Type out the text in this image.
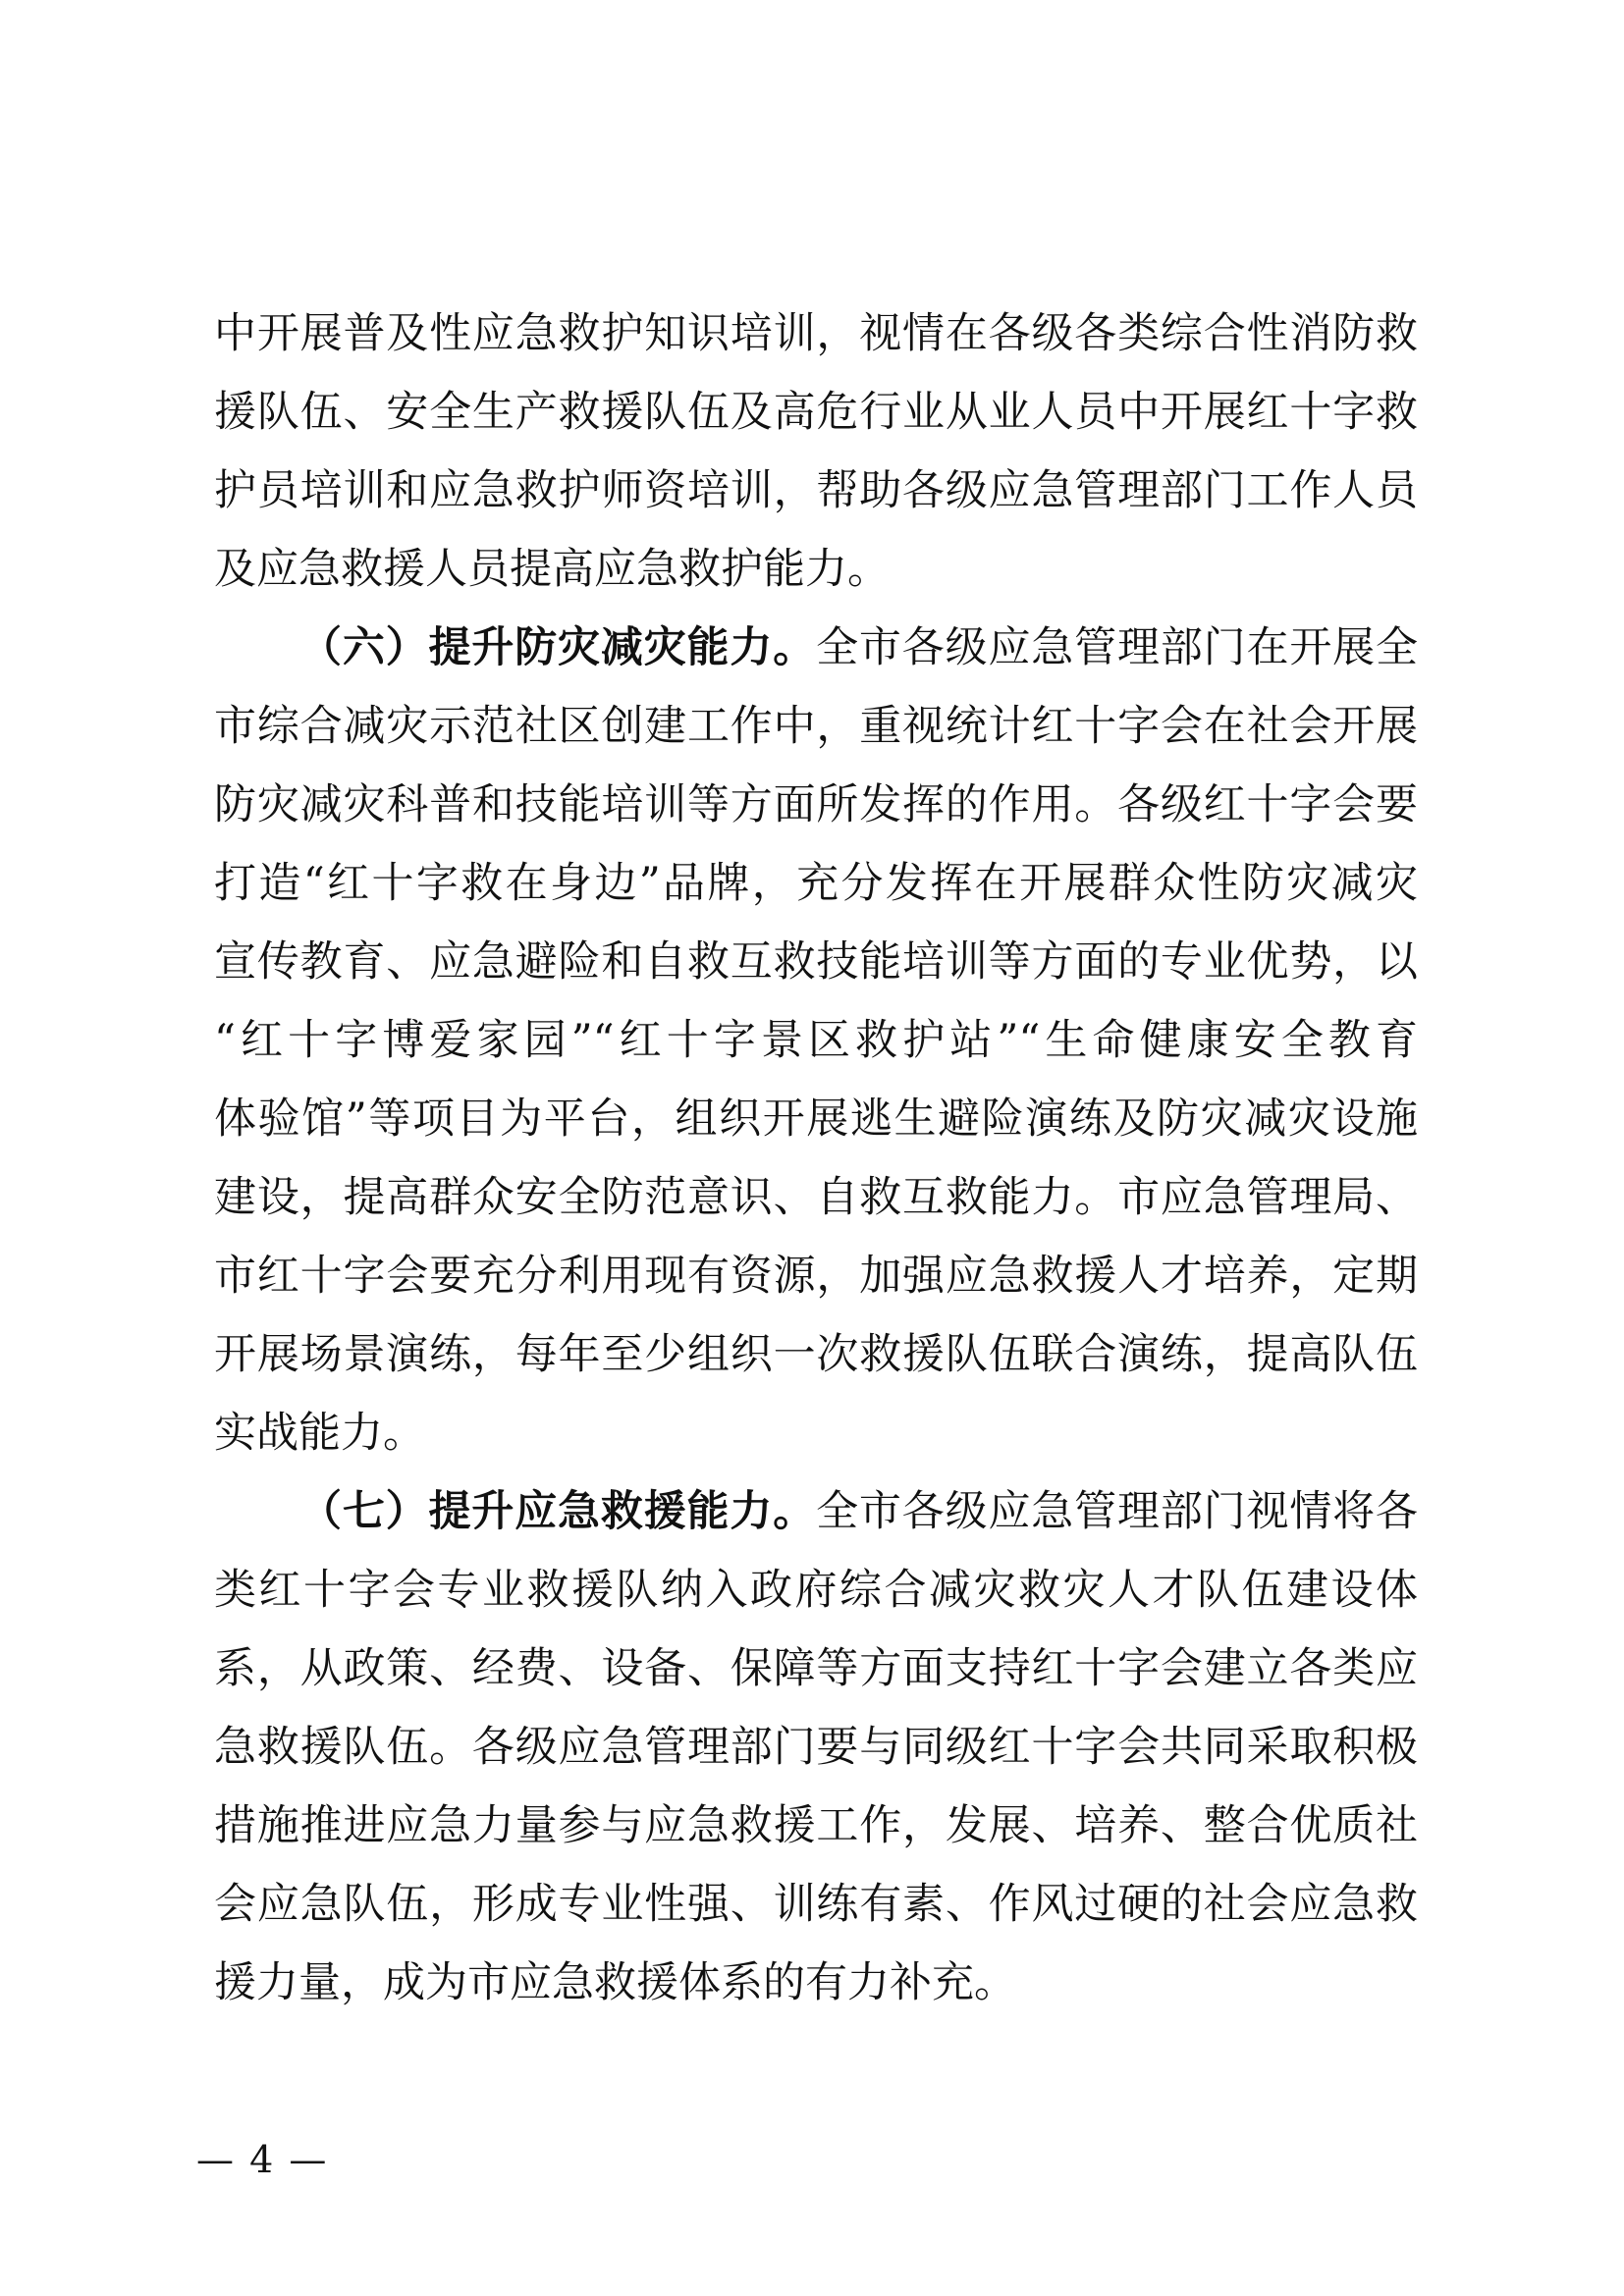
中开展普及性应急救护知识培训，视情在各级各类综合性消防救
援队伍、安全生产救援队伍及高危行业从业人员中开展红十字救
护员培训和应急救护师资培训，帮助各级应急管理部门工作人员
及应急救援人员提高应急救护能力。
（六）提升防灾减灾能力。全市各级应急管理部门在开展全
市综合减灾示范社区创建工作中，重视统计红十字会在社会开展
防灾减灾科普和技能培训等方面所发挥的作用。各级红十字会要
打造“红十字救在身边”品牌，充分发挥在开展群众性防灾减灾
宣传教育、应急避险和自救互救技能培训等方面的专业优势，以
“红十字博爱家园”“红十字景区救护站”“生命健康安全教育
体验馆”等项目为平台，组织开展逃生避险演练及防灾减灾设施
建设，提高群众安全防范意识、自救互救能力。市应急管理局、
市红十字会要充分利用现有资源，加强应急救援人才培养，定期
开展场景演练，每年至少组织一次救援队伍联合演练，提高队伍
实战能力。
（七）提升应急救援能力。全市各级应急管理部门视情将各
类红十字会专业救援队纳入政府综合减灾救灾人才队伍建设体
系，从政策、经费、设备、保障等方面支持红十字会建立各类应
急救援队伍。各级应急管理部门要与同级红十字会共同采取积极
措施推进应急力量参与应急救援工作，发展、培养、整合优质社
会应急队伍，形成专业性强、训练有素、作风过硬的社会应急救
援力量，成为市应急救援体系的有力补充。
— 4 —
